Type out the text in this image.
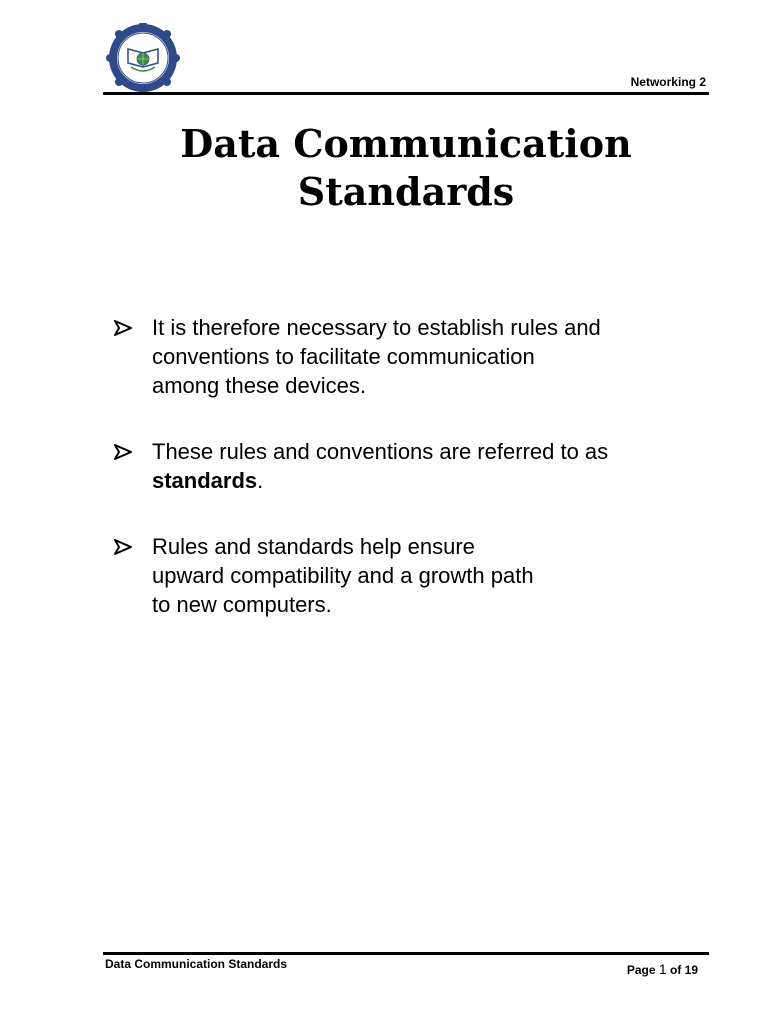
Networking 2
Data Communication
Standards
It is therefore necessary to establish rules and
conventions to facilitate communication
among these devices.
These rules and conventions are referred to as
standards.
Rules and standards help ensure
upward compatibility and a growth path
to new computers.
Data Communication Standards	Page 1 of 19
